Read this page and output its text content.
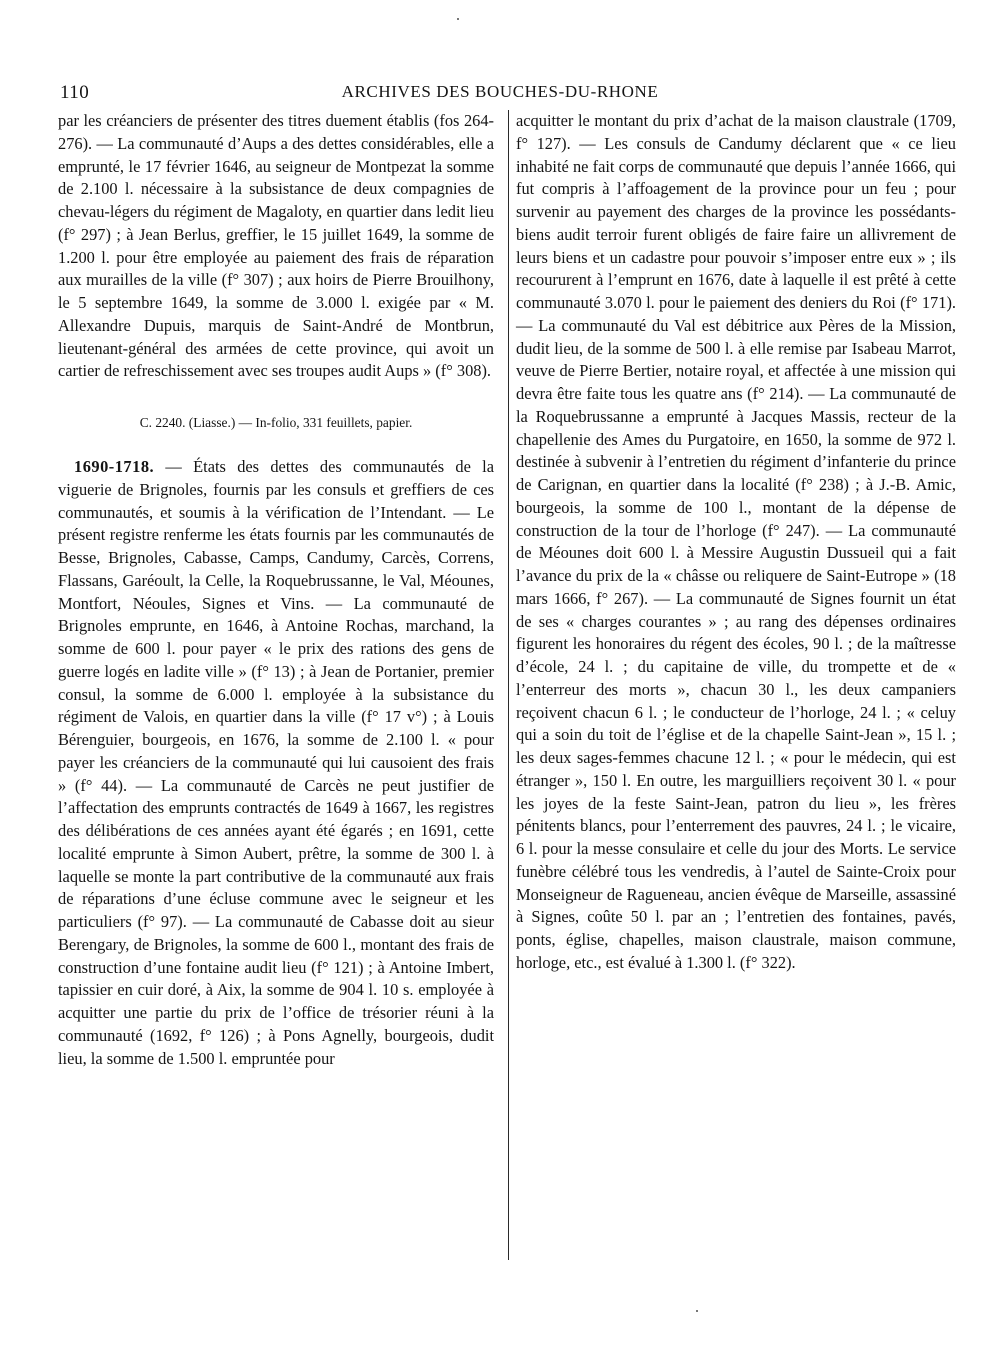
110	ARCHIVES DES BOUCHES-DU-RHONE

par les créanciers de présenter des titres duement établis (fos 264-276). — La communauté d’Aups a des dettes considérables, elle a emprunté, le 17 février 1646, au seigneur de Montpezat la somme de 2.100 l. nécessaire à la subsistance de deux compagnies de chevau-légers du régiment de Magaloty, en quartier dans ledit lieu (f° 297) ; à Jean Berlus, greffier, le 15 juillet 1649, la somme de 1.200 l. pour être employée au paiement des frais de réparation aux murailles de la ville (f° 307) ; aux hoirs de Pierre Brouilhony, le 5 septembre 1649, la somme de 3.000 l. exigée par « M. Allexandre Dupuis, marquis de Saint-André de Montbrun, lieutenant-général des armées de cette province, qui avoit un cartier de refreschissement avec ses troupes audit Aups » (f° 308).

C. 2240. (Liasse.) — In-folio, 331 feuillets, papier.

1690-1718. — États des dettes des communautés de la viguerie de Brignoles, fournis par les consuls et greffiers de ces communautés, et soumis à la vérification de l’Intendant. — Le présent registre renferme les états fournis par les communautés de Besse, Brignoles, Cabasse, Camps, Candumy, Carcès, Correns, Flassans, Garéoult, la Celle, la Roquebrussanne, le Val, Méounes, Montfort, Néoules, Signes et Vins. — La communauté de Brignoles emprunte, en 1646, à Antoine Rochas, marchand, la somme de 600 l. pour payer « le prix des rations des gens de guerre logés en ladite ville » (f° 13) ; à Jean de Portanier, premier consul, la somme de 6.000 l. employée à la subsistance du régiment de Valois, en quartier dans la ville (f° 17 v°) ; à Louis Bérenguier, bourgeois, en 1676, la somme de 2.100 l. « pour payer les créanciers de la communauté qui lui causoient des frais » (f° 44). — La communauté de Carcès ne peut justifier de l’affectation des emprunts contractés de 1649 à 1667, les registres des délibérations de ces années ayant été égarés ; en 1691, cette localité emprunte à Simon Aubert, prêtre, la somme de 300 l. à laquelle se monte la part contributive de la communauté aux frais de réparations d’une écluse commune avec le seigneur et les particuliers (f° 97). — La communauté de Cabasse doit au sieur Berengary, de Brignoles, la somme de 600 l., montant des frais de construction d’une fontaine audit lieu (f° 121) ; à Antoine Imbert, tapissier en cuir doré, à Aix, la somme de 904 l. 10 s. employée à acquitter une partie du prix de l’office de trésorier réuni à la communauté (1692, f° 126) ; à Pons Agnelly, bourgeois, dudit lieu, la somme de 1.500 l. empruntée pour

acquitter le montant du prix d’achat de la maison claustrale (1709, f° 127). — Les consuls de Candumy déclarent que « ce lieu inhabité ne fait corps de communauté que depuis l’année 1666, qui fut compris à l’affoagement de la province pour un feu ; pour survenir au payement des charges de la province les possédants-biens audit terroir furent obligés de faire faire un allivrement de leurs biens et un cadastre pour pouvoir s’imposer entre eux » ; ils recoururent à l’emprunt en 1676, date à laquelle il est prêté à cette communauté 3.070 l. pour le paiement des deniers du Roi (f° 171). — La communauté du Val est débitrice aux Pères de la Mission, dudit lieu, de la somme de 500 l. à elle remise par Isabeau Marrot, veuve de Pierre Bertier, notaire royal, et affectée à une mission qui devra être faite tous les quatre ans (f° 214). — La communauté de la Roquebrussanne a emprunté à Jacques Massis, recteur de la chapellenie des Ames du Purgatoire, en 1650, la somme de 972 l. destinée à subvenir à l’entretien du régiment d’infanterie du prince de Carignan, en quartier dans la localité (f° 238) ; à J.-B. Amic, bourgeois, la somme de 100 l., montant de la dépense de construction de la tour de l’horloge (f° 247). — La communauté de Méounes doit 600 l. à Messire Augustin Dussueil qui a fait l’avance du prix de la « châsse ou reliquere de Saint-Eutrope » (18 mars 1666, f° 267). — La communauté de Signes fournit un état de ses « charges courantes » ; au rang des dépenses ordinaires figurent les honoraires du régent des écoles, 90 l. ; de la maîtresse d’école, 24 l. ; du capitaine de ville, du trompette et de « l’enterreur des morts », chacun 30 l., les deux campaniers reçoivent chacun 6 l. ; le conducteur de l’horloge, 24 l. ; « celuy qui a soin du toit de l’église et de la chapelle Saint-Jean », 15 l. ; les deux sages-femmes chacune 12 l. ; « pour le médecin, qui est étranger », 150 l. En outre, les marguilliers reçoivent 30 l. « pour les joyes de la feste Saint-Jean, patron du lieu », les frères pénitents blancs, pour l’enterrement des pauvres, 24 l. ; le vicaire, 6 l. pour la messe consulaire et celle du jour des Morts. Le service funèbre célébré tous les vendredis, à l’autel de Sainte-Croix pour Monseigneur de Ragueneau, ancien évêque de Marseille, assassiné à Signes, coûte 50 l. par an ; l’entretien des fontaines, pavés, ponts, église, chapelles, maison claustrale, maison commune, horloge, etc., est évalué à 1.300 l. (f° 322).
